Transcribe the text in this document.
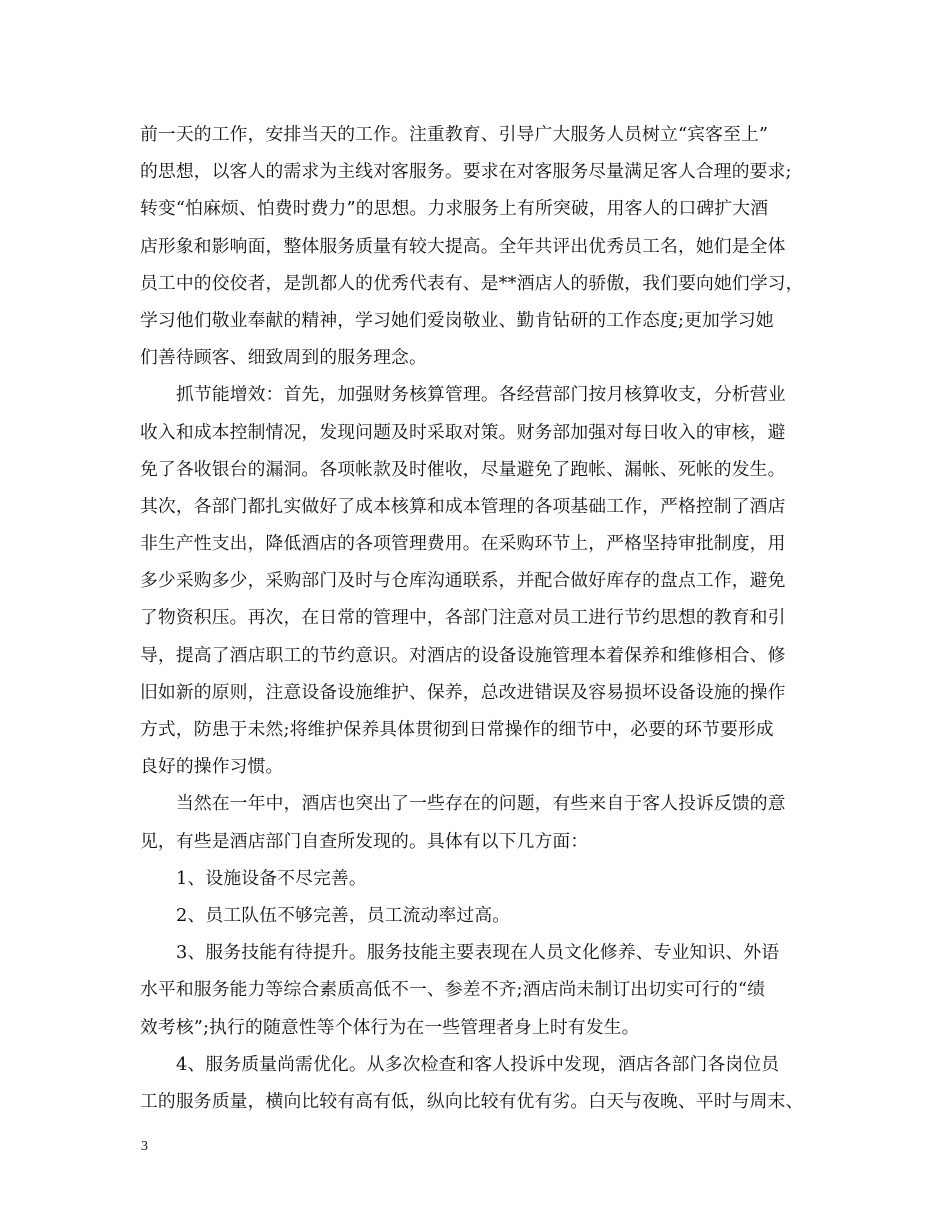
前一天的工作，安排当天的工作。注重教育、引导广大服务人员树立“宾客至上”
的思想，以客人的需求为主线对客服务。要求在对客服务尽量满足客人合理的要求;
转变“怕麻烦、怕费时费力”的思想。力求服务上有所突破，用客人的口碑扩大酒
店形象和影响面，整体服务质量有较大提高。全年共评出优秀员工名，她们是全体
员工中的佼佼者，是凯都人的优秀代表有、是**酒店人的骄傲，我们要向她们学习，
学习他们敬业奉献的精神，学习她们爱岗敬业、勤肯钻研的工作态度;更加学习她
们善待顾客、细致周到的服务理念。
抓节能增效：首先，加强财务核算管理。各经营部门按月核算收支，分析营业
收入和成本控制情况，发现问题及时采取对策。财务部加强对每日收入的审核，避
免了各收银台的漏洞。各项帐款及时催收，尽量避免了跑帐、漏帐、死帐的发生。
其次，各部门都扎实做好了成本核算和成本管理的各项基础工作，严格控制了酒店
非生产性支出，降低酒店的各项管理费用。在采购环节上，严格坚持审批制度，用
多少采购多少，采购部门及时与仓库沟通联系，并配合做好库存的盘点工作，避免
了物资积压。再次，在日常的管理中，各部门注意对员工进行节约思想的教育和引
导，提高了酒店职工的节约意识。对酒店的设备设施管理本着保养和维修相合、修
旧如新的原则，注意设备设施维护、保养，总改进错误及容易损坏设备设施的操作
方式，防患于未然;将维护保养具体贯彻到日常操作的细节中，必要的环节要形成
良好的操作习惯。
当然在一年中，酒店也突出了一些存在的问题，有些来自于客人投诉反馈的意
见，有些是酒店部门自查所发现的。具体有以下几方面：
1、设施设备不尽完善。
2、员工队伍不够完善，员工流动率过高。
3、服务技能有待提升。服务技能主要表现在人员文化修养、专业知识、外语
水平和服务能力等综合素质高低不一、参差不齐;酒店尚未制订出切实可行的“绩
效考核”;执行的随意性等个体行为在一些管理者身上时有发生。
4、服务质量尚需优化。从多次检查和客人投诉中发现，酒店各部门各岗位员
工的服务质量，横向比较有高有低，纵向比较有优有劣。白天与夜晚、平时与周末、
3
